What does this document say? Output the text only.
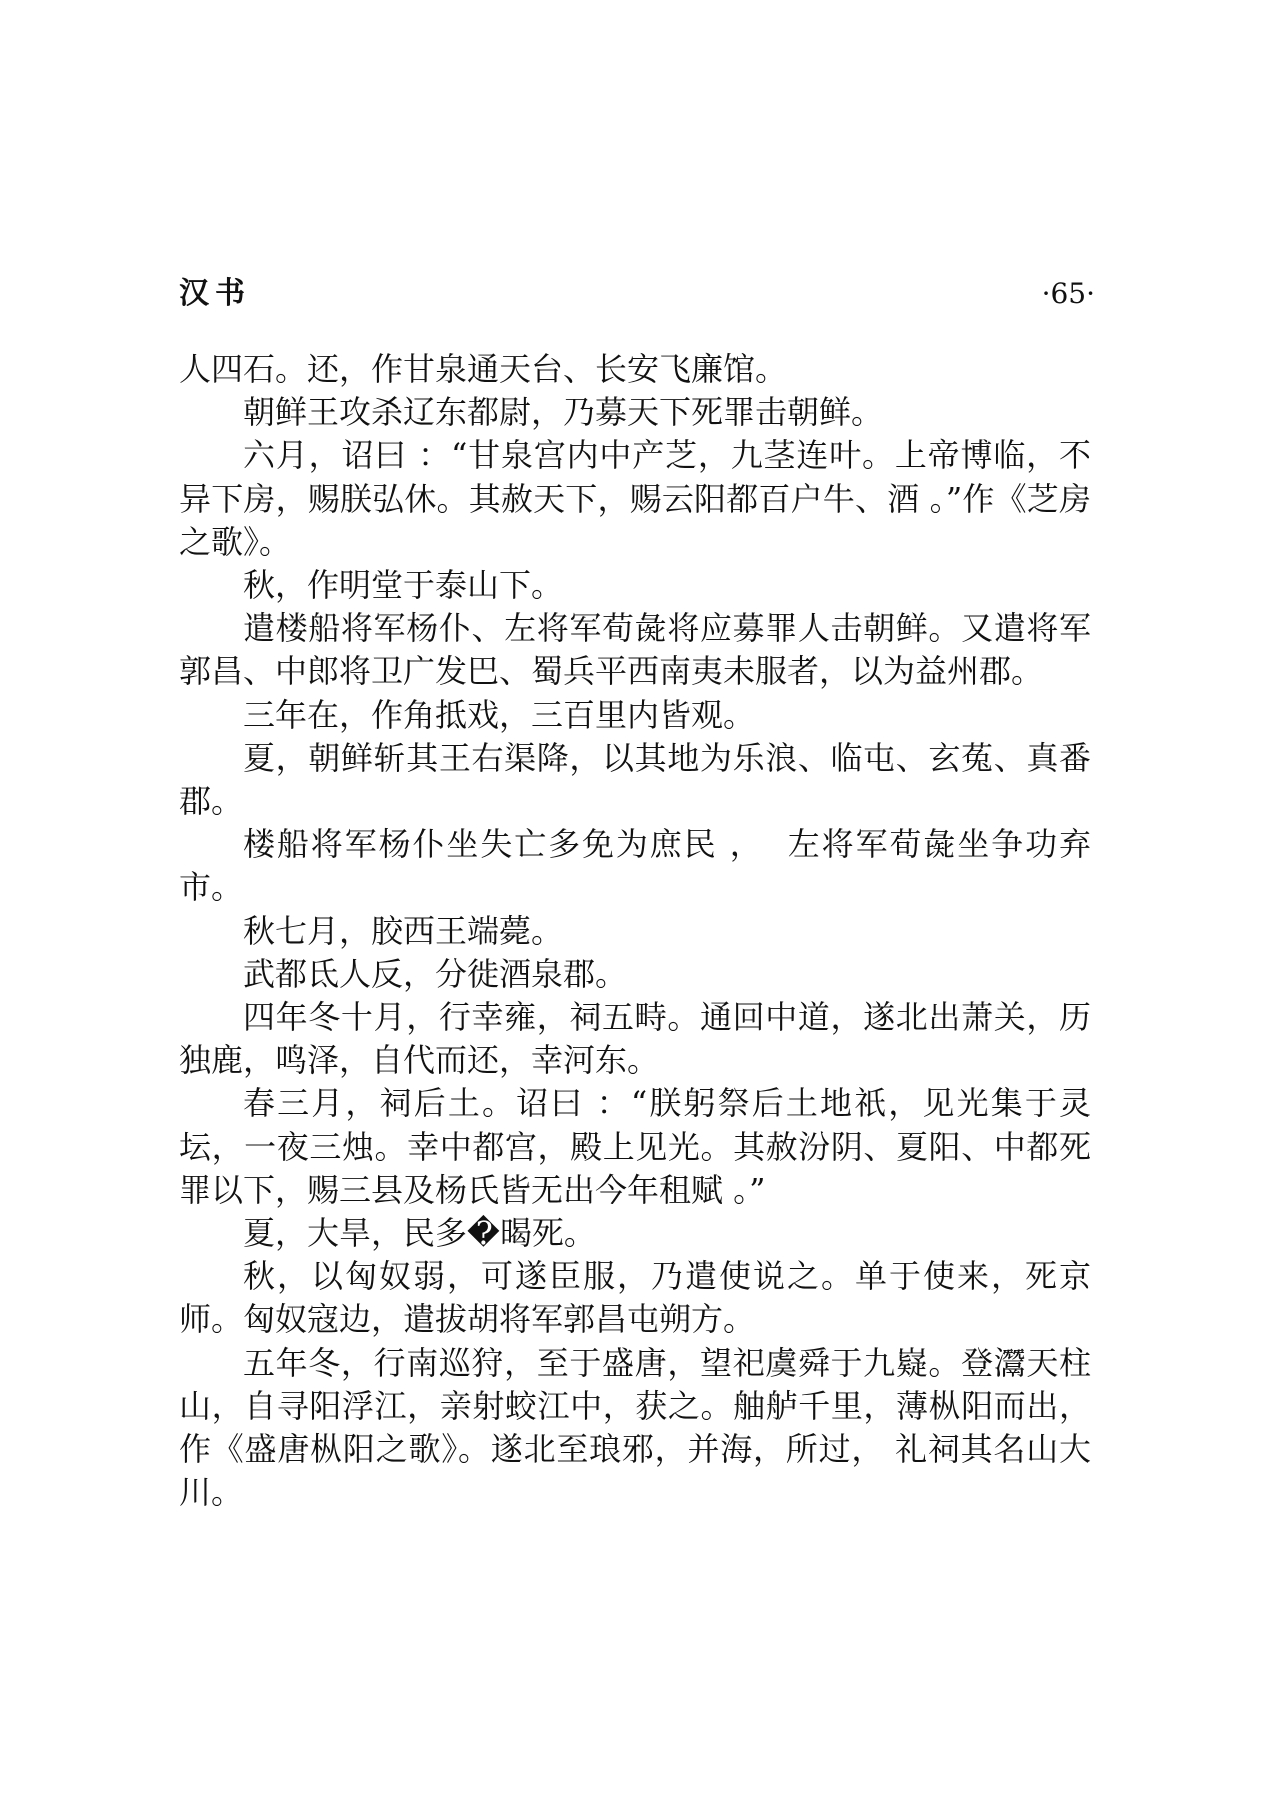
汉书	·65·

人四石。还，作甘泉通天台、长安飞廉馆。

朝鲜王攻杀辽东都尉，乃募天下死罪击朝鲜。

六月，诏曰 ：“甘泉宫内中产芝，九茎连叶。上帝博临，不异下房，赐朕弘休。其赦天下，赐云阳都百户牛、酒 。”作《芝房之歌》。

秋，作明堂于泰山下。

遣楼船将军杨仆、左将军荀彘将应募罪人击朝鲜。又遣将军郭昌、中郎将卫广发巴、蜀兵平西南夷未服者，以为益州郡。

三年在，作角抵戏，三百里内皆观。

夏，朝鲜斩其王右渠降，以其地为乐浪、临屯、玄菟、真番郡。

楼船将军杨仆坐失亡多免为庶民 ，  左将军荀彘坐争功弃市。

秋七月，胶西王端薨。

武都氐人反，分徙酒泉郡。

四年冬十月，行幸雍，祠五畤。通回中道，遂北出萧关，历独鹿，鸣泽，自代而还，幸河东。

春三月，祠后土。诏曰 ：“朕躬祭后土地祇，见光集于灵坛，一夜三烛。幸中都宫，殿上见光。其赦汾阴、夏阳、中都死罪以下，赐三县及杨氏皆无出今年租赋 。”

夏，大旱，民多�暍死。

秋，以匈奴弱，可遂臣服，乃遣使说之。单于使来，死京师。匈奴寇边，遣拔胡将军郭昌屯朔方。

五年冬，行南巡狩，至于盛唐，望祀虞舜于九嶷。登灊天柱山，自寻阳浮江，亲射蛟江中，获之。舳舻千里，薄枞阳而出，作《盛唐枞阳之歌》。遂北至琅邪，并海，所过， 礼祠其名山大川。
